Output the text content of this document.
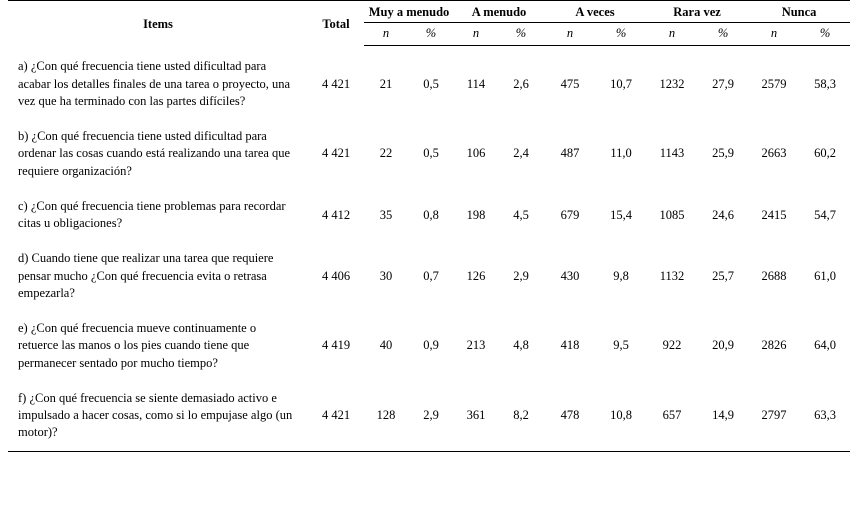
Items	Total	Muy a menudo		A menudo		A veces		Rara vez		Nunca	
		n	%	n	%	n	%	n	%	n	%

a) ¿Con qué frecuencia tiene usted dificultad para acabar los detalles finales de una tarea o proyecto, una vez que ha terminado con las partes difíciles?	4 421	21	0,5	114	2,6	475	10,7	1232	27,9	2579	58,3
b) ¿Con qué frecuencia tiene usted dificultad para ordenar las cosas cuando está realizando una tarea que requiere organización?	4 421	22	0,5	106	2,4	487	11,0	1143	25,9	2663	60,2
c) ¿Con qué frecuencia tiene problemas para recordar citas u obligaciones?	4 412	35	0,8	198	4,5	679	15,4	1085	24,6	2415	54,7
d) Cuando tiene que realizar una tarea que requiere pensar mucho ¿Con qué frecuencia evita o retrasa empezarla?	4 406	30	0,7	126	2,9	430	9,8	1132	25,7	2688	61,0
e) ¿Con qué frecuencia mueve continuamente o retuerce las manos o los pies cuando tiene que permanecer sentado por mucho tiempo?	4 419	40	0,9	213	4,8	418	9,5	922	20,9	2826	64,0
f) ¿Con qué frecuencia se siente demasiado activo e impulsado a hacer cosas, como si lo empujase algo (un motor)?	4 421	128	2,9	361	8,2	478	10,8	657	14,9	2797	63,3
